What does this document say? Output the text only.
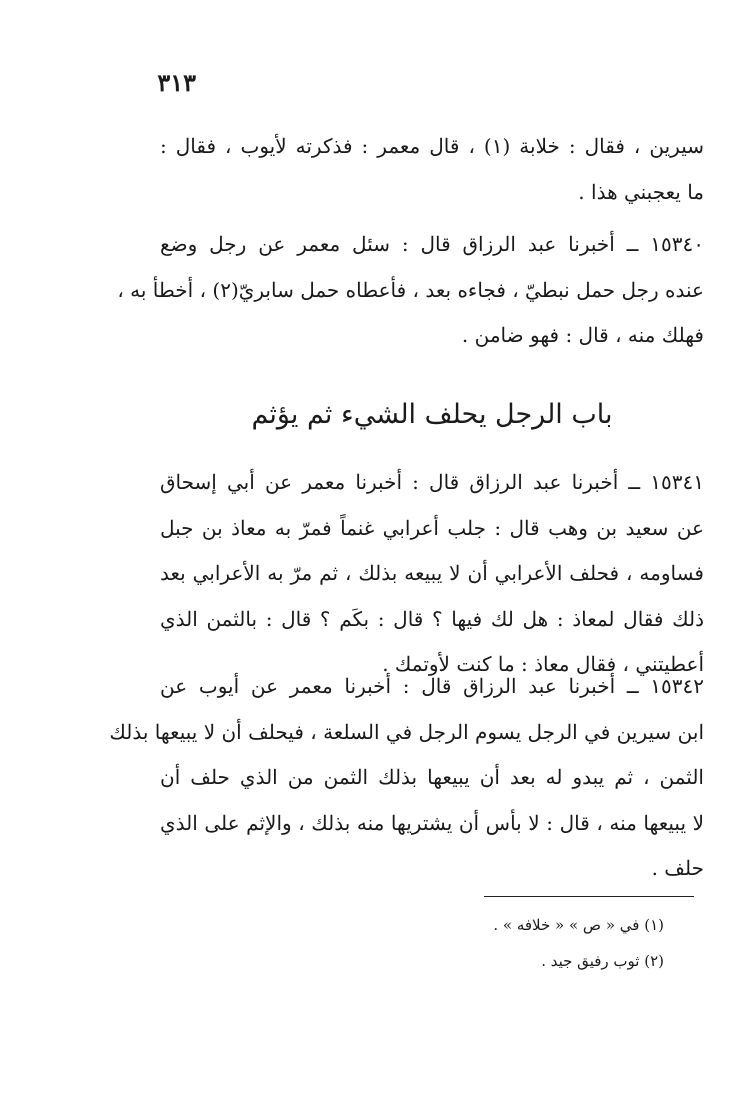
٣١٣
سيرين ، فقال : خلابة (١) ، قال معمر : فذكرته لأيوب ، فقال :
ما يعجبني هذا .
١٥٣٤٠ ــ أخبرنا عبد الرزاق قال : سئل معمر عن رجل وضع
عنده رجل حمل نبطيّ ، فجاءه بعد ، فأعطاه حمل سابريّ(٢) ، أخطأ به ،
فهلك منه ، قال : فهو ضامن .
باب الرجل يحلف الشيء ثم يؤثم
١٥٣٤١ ــ أخبرنا عبد الرزاق قال : أخبرنا معمر عن أبي إسحاق
عن سعيد بن وهب قال : جلب أعرابي غنماً فمرّ به معاذ بن جبل
فساومه ، فحلف الأعرابي أن لا يبيعه بذلك ، ثم مرّ به الأعرابي بعد
ذلك فقال لمعاذ : هل لك فيها ؟ قال : بكَم ؟ قال : بالثمن الذي
أعطيتني ، فقال معاذ : ما كنت لأوتمك .
١٥٣٤٢ ــ أخبرنا عبد الرزاق قال : أخبرنا معمر عن أيوب عن
ابن سيرين في الرجل يسوم الرجل في السلعة ، فيحلف أن لا يبيعها بذلك
الثمن ، ثم يبدو له بعد أن يبيعها بذلك الثمن من الذي حلف أن
لا يبيعها منه ، قال : لا بأس أن يشتريها منه بذلك ، والإثم على الذي
حلف .
(١) في « ص » « خلافه » .
(٢) ثوب رفيق جيد .
